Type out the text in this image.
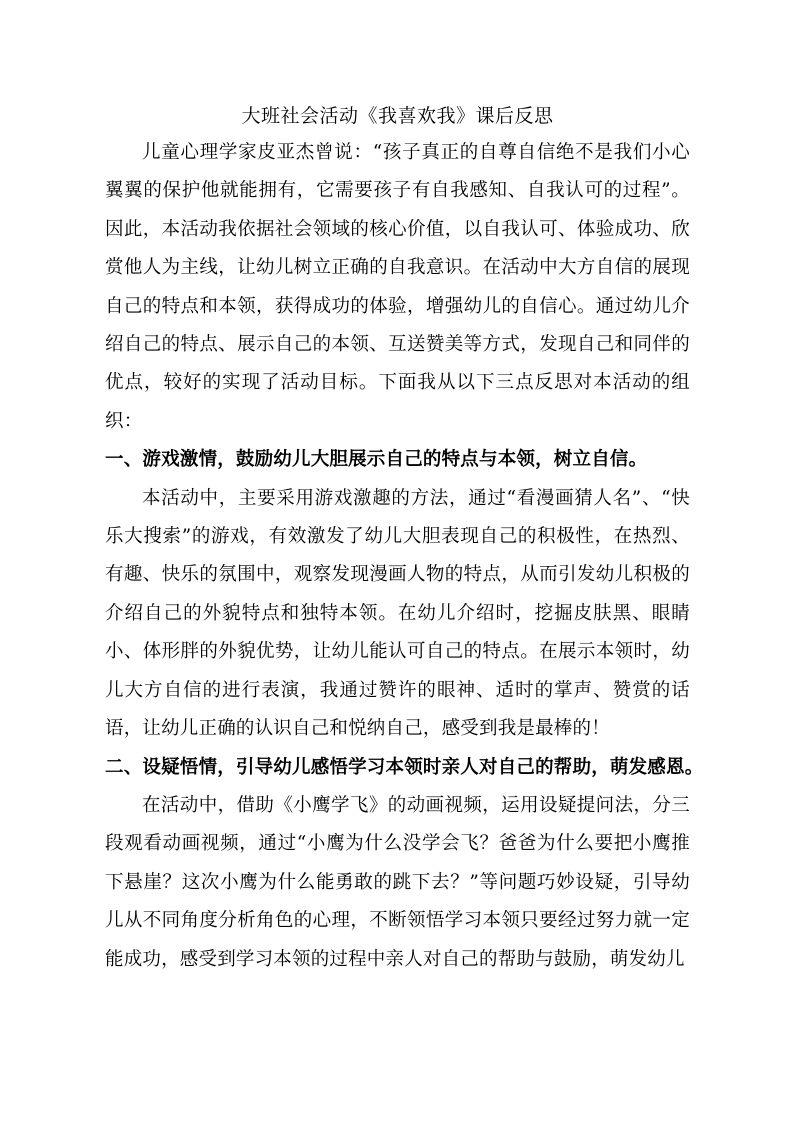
大班社会活动《我喜欢我》课后反思

儿童心理学家皮亚杰曾说：“孩子真正的自尊自信绝不是我们小心翼翼的保护他就能拥有，它需要孩子有自我感知、自我认可的过程”。因此，本活动我依据社会领域的核心价值，以自我认可、体验成功、欣赏他人为主线，让幼儿树立正确的自我意识。在活动中大方自信的展现自己的特点和本领，获得成功的体验，增强幼儿的自信心。通过幼儿介绍自己的特点、展示自己的本领、互送赞美等方式，发现自己和同伴的优点，较好的实现了活动目标。下面我从以下三点反思对本活动的组织：

一、游戏激情，鼓励幼儿大胆展示自己的特点与本领，树立自信。

本活动中，主要采用游戏激趣的方法，通过“看漫画猜人名”、“快乐大搜索”的游戏，有效激发了幼儿大胆表现自己的积极性，在热烈、有趣、快乐的氛围中，观察发现漫画人物的特点，从而引发幼儿积极的介绍自己的外貌特点和独特本领。在幼儿介绍时，挖掘皮肤黑、眼睛小、体形胖的外貌优势，让幼儿能认可自己的特点。在展示本领时，幼儿大方自信的进行表演，我通过赞许的眼神、适时的掌声、赞赏的话语，让幼儿正确的认识自己和悦纳自己，感受到我是最棒的！

二、设疑悟情，引导幼儿感悟学习本领时亲人对自己的帮助，萌发感恩。

在活动中，借助《小鹰学飞》的动画视频，运用设疑提问法，分三段观看动画视频，通过“小鹰为什么没学会飞？爸爸为什么要把小鹰推下悬崖？这次小鹰为什么能勇敢的跳下去？”等问题巧妙设疑，引导幼儿从不同角度分析角色的心理，不断领悟学习本领只要经过努力就一定能成功，感受到学习本领的过程中亲人对自己的帮助与鼓励，萌发幼儿
